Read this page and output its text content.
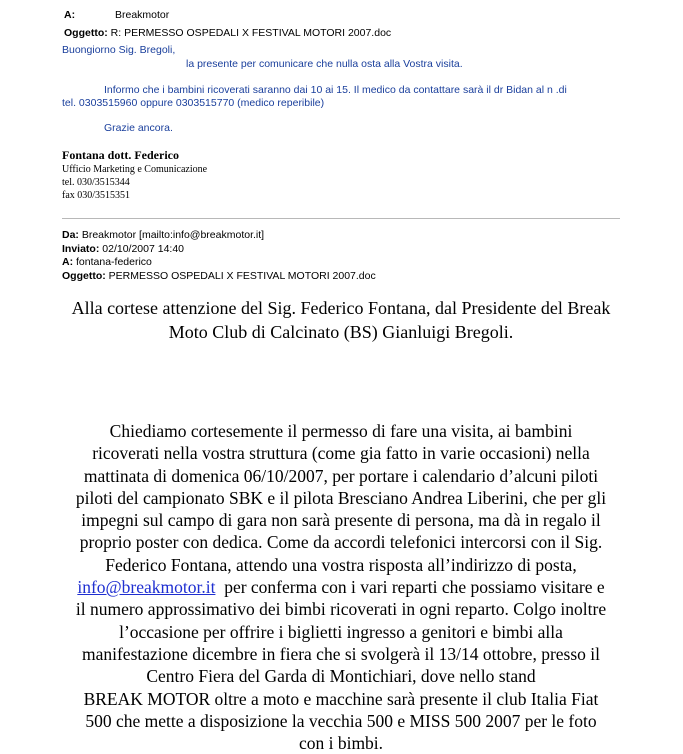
A:	Breakmotor
Oggetto: R: PERMESSO OSPEDALI X FESTIVAL MOTORI 2007.doc
Buongiorno Sig. Bregoli,
la presente per comunicare che nulla osta alla Vostra visita.
Informo che i bambini ricoverati saranno dai 10 ai 15. Il medico da contattare sarà il dr Bidan al n .di
tel. 0303515960 oppure 0303515770 (medico reperibile)
Grazie ancora.
Fontana dott. Federico
Ufficio Marketing e Comunicazione
tel. 030/3515344
fax 030/3515351
Da: Breakmotor [mailto:info@breakmotor.it]
Inviato: 02/10/2007 14:40
A: fontana-federico
Oggetto: PERMESSO OSPEDALI X FESTIVAL MOTORI 2007.doc
Alla cortese attenzione del Sig. Federico Fontana, dal Presidente del Break
Moto Club di Calcinato (BS) Gianluigi Bregoli.
Chiediamo cortesemente il permesso di fare una visita, ai bambini
ricoverati nella vostra struttura (come gia fatto in varie occasioni) nella
mattinata di domenica 06/10/2007, per portare i calendario d’alcuni piloti
piloti del campionato SBK e il pilota Bresciano Andrea Liberini, che per gli
impegni sul campo di gara non sarà presente di persona, ma dà in regalo il
proprio poster con dedica. Come da accordi telefonici intercorsi con il Sig.
Federico Fontana, attendo una vostra risposta all’indirizzo di posta,
info@breakmotor.it  per conferma con i vari reparti che possiamo visitare e
il numero approssimativo dei bimbi ricoverati in ogni reparto. Colgo inoltre
l’occasione per offrire i biglietti ingresso a genitori e bimbi alla
manifestazione dicembre in fiera che si svolgerà il 13/14 ottobre, presso il
Centro Fiera del Garda di Montichiari, dove nello stand
BREAK MOTOR oltre a moto e macchine sarà presente il club Italia Fiat
500 che mette a disposizione la vecchia 500 e MISS 500 2007 per le foto
con i bimbi.
